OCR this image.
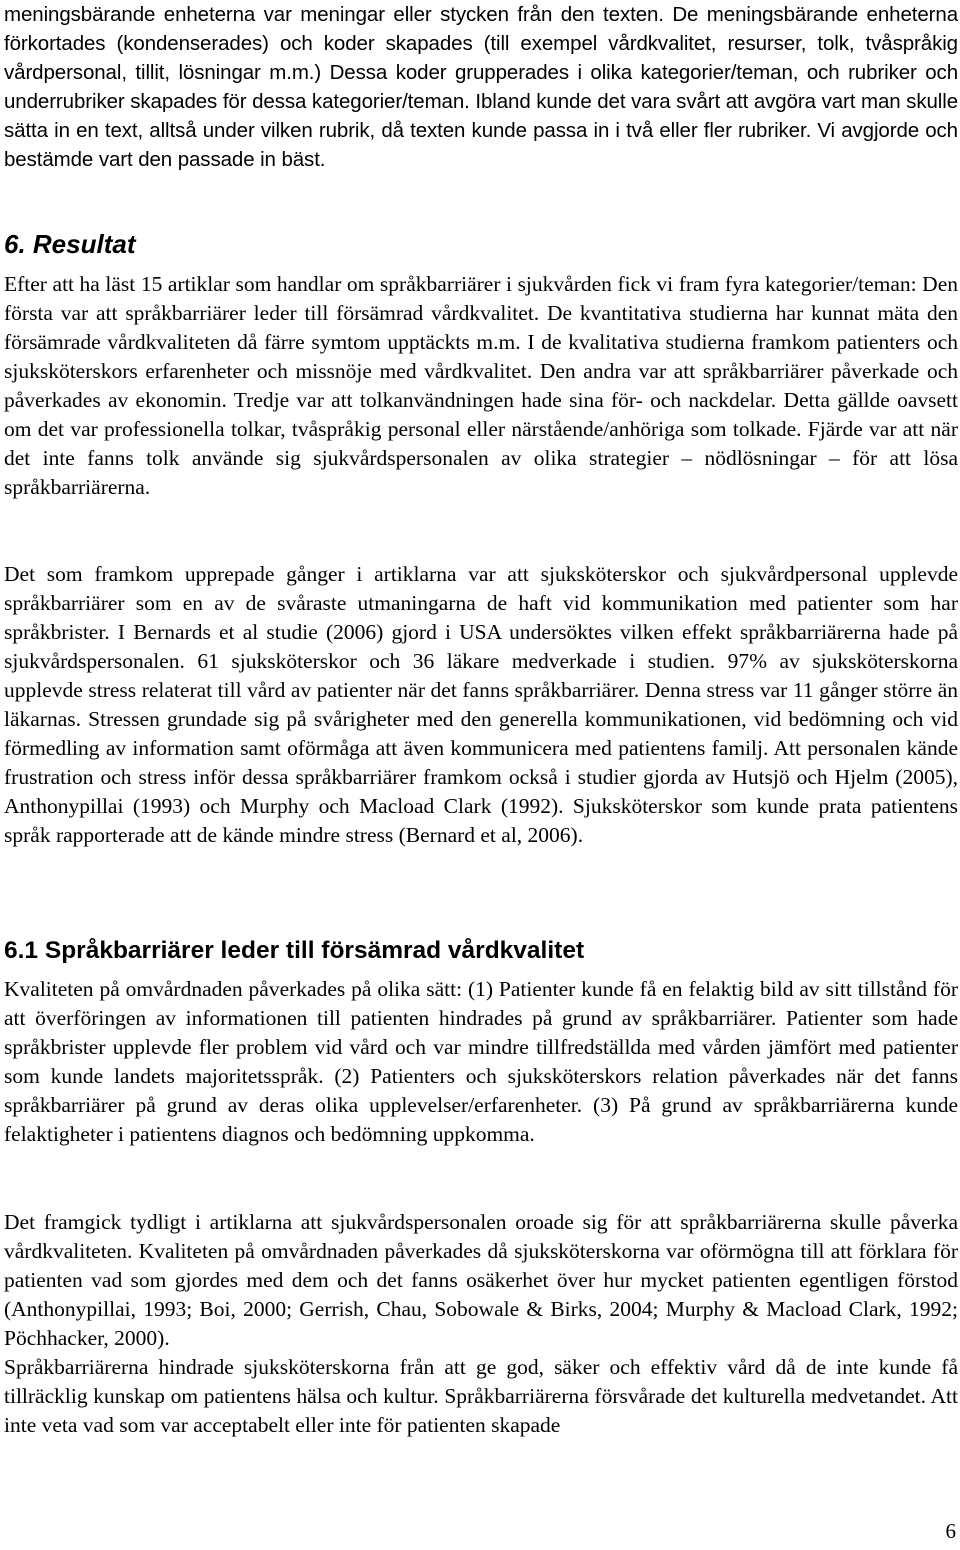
meningsbärande enheterna var meningar eller stycken från den texten. De meningsbärande enheterna förkortades (kondenserades) och koder skapades (till exempel vårdkvalitet, resurser, tolk, tvåspråkig vårdpersonal, tillit, lösningar m.m.) Dessa koder grupperades i olika kategorier/teman, och rubriker och underrubriker skapades för dessa kategorier/teman. Ibland kunde det vara svårt att avgöra vart man skulle sätta in en text, alltså under vilken rubrik, då texten kunde passa in i två eller fler rubriker. Vi avgjorde och bestämde vart den passade in bäst.

6. Resultat

Efter att ha läst 15 artiklar som handlar om språkbarriärer i sjukvården fick vi fram fyra kategorier/teman: Den första var att språkbarriärer leder till försämrad vårdkvalitet. De kvantitativa studierna har kunnat mäta den försämrade vårdkvaliteten då färre symtom upptäckts m.m. I de kvalitativa studierna framkom patienters och sjuksköterskors erfarenheter och missnöje med vårdkvalitet. Den andra var att språkbarriärer påverkade och påverkades av ekonomin. Tredje var att tolkanvändningen hade sina för- och nackdelar. Detta gällde oavsett om det var professionella tolkar, tvåspråkig personal eller närstående/anhöriga som tolkade. Fjärde var att när det inte fanns tolk använde sig sjukvårdspersonalen av olika strategier – nödlösningar – för att lösa språkbarriärerna.

Det som framkom upprepade gånger i artiklarna var att sjuksköterskor och sjukvårdpersonal upplevde språkbarriärer som en av de svåraste utmaningarna de haft vid kommunikation med patienter som har språkbrister. I Bernards et al studie (2006) gjord i USA undersöktes vilken effekt språkbarriärerna hade på sjukvårdspersonalen. 61 sjuksköterskor och 36 läkare medverkade i studien. 97% av sjuksköterskorna upplevde stress relaterat till vård av patienter när det fanns språkbarriärer. Denna stress var 11 gånger större än läkarnas. Stressen grundade sig på svårigheter med den generella kommunikationen, vid bedömning och vid förmedling av information samt oförmåga att även kommunicera med patientens familj. Att personalen kände frustration och stress inför dessa språkbarriärer framkom också i studier gjorda av Hutsjö och Hjelm (2005), Anthonypillai (1993) och Murphy och Macload Clark (1992). Sjuksköterskor som kunde prata patientens språk rapporterade att de kände mindre stress (Bernard et al, 2006).

6.1 Språkbarriärer leder till försämrad vårdkvalitet

Kvaliteten på omvårdnaden påverkades på olika sätt: (1) Patienter kunde få en felaktig bild av sitt tillstånd för att överföringen av informationen till patienten hindrades på grund av språkbarriärer. Patienter som hade språkbrister upplevde fler problem vid vård och var mindre tillfredställda med vården jämfört med patienter som kunde landets majoritetsspråk. (2) Patienters och sjuksköterskors relation påverkades när det fanns språkbarriärer på grund av deras olika upplevelser/erfarenheter. (3) På grund av språkbarriärerna kunde felaktigheter i patientens diagnos och bedömning uppkomma.

Det framgick tydligt i artiklarna att sjukvårdspersonalen oroade sig för att språkbarriärerna skulle påverka vårdkvaliteten. Kvaliteten på omvårdnaden påverkades då sjuksköterskorna var oförmögna till att förklara för patienten vad som gjordes med dem och det fanns osäkerhet över hur mycket patienten egentligen förstod (Anthonypillai, 1993; Boi, 2000; Gerrish, Chau, Sobowale & Birks, 2004; Murphy & Macload Clark, 1992; Pöchhacker, 2000).

Språkbarriärerna hindrade sjuksköterskorna från att ge god, säker och effektiv vård då de inte kunde få tillräcklig kunskap om patientens hälsa och kultur. Språkbarriärerna försvårade det kulturella medvetandet. Att inte veta vad som var acceptabelt eller inte för patienten skapade

6
